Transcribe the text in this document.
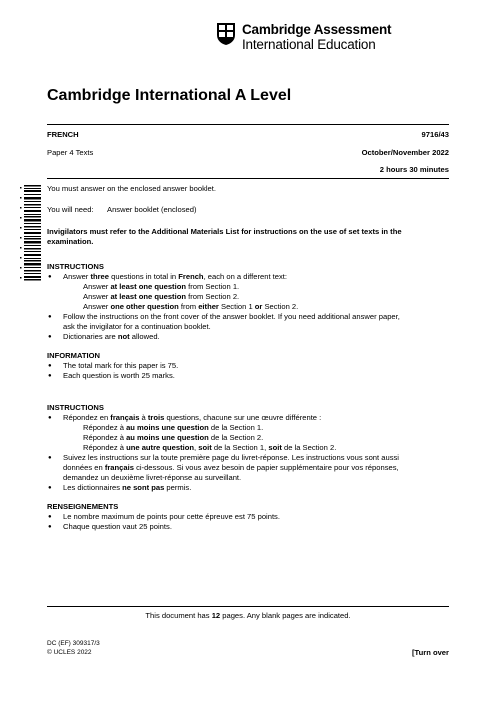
Cambridge Assessment
International Education
Cambridge International A Level
FRENCH	9716/43
Paper 4 Texts	October/November 2022
2 hours 30 minutes
You must answer on the enclosed answer booklet.
You will need: Answer booklet (enclosed)
Invigilators must refer to the Additional Materials List for instructions on the use of set texts in the
examination.
INSTRUCTIONS
● Answer three questions in total in French, each on a different text:
Answer at least one question from Section 1.
Answer at least one question from Section 2.
Answer one other question from either Section 1 or Section 2.
● Follow the instructions on the front cover of the answer booklet. If you need additional answer paper,
ask the invigilator for a continuation booklet.
● Dictionaries are not allowed.
INFORMATION
● The total mark for this paper is 75.
● Each question is worth 25 marks.
INSTRUCTIONS
● Répondez en français à trois questions, chacune sur une œuvre différente :
Répondez à au moins une question de la Section 1.
Répondez à au moins une question de la Section 2.
Répondez à une autre question, soit de la Section 1, soit de la Section 2.
● Suivez les instructions sur la toute première page du livret-réponse. Les instructions vous sont aussi
données en français ci-dessous. Si vous avez besoin de papier supplémentaire pour vos réponses,
demandez un deuxième livret-réponse au surveillant.
● Les dictionnaires ne sont pas permis.
RENSEIGNEMENTS
● Le nombre maximum de points pour cette épreuve est 75 points.
● Chaque question vaut 25 points.
This document has 12 pages. Any blank pages are indicated.
DC (EF) 309317/3
© UCLES 2022	[Turn over
